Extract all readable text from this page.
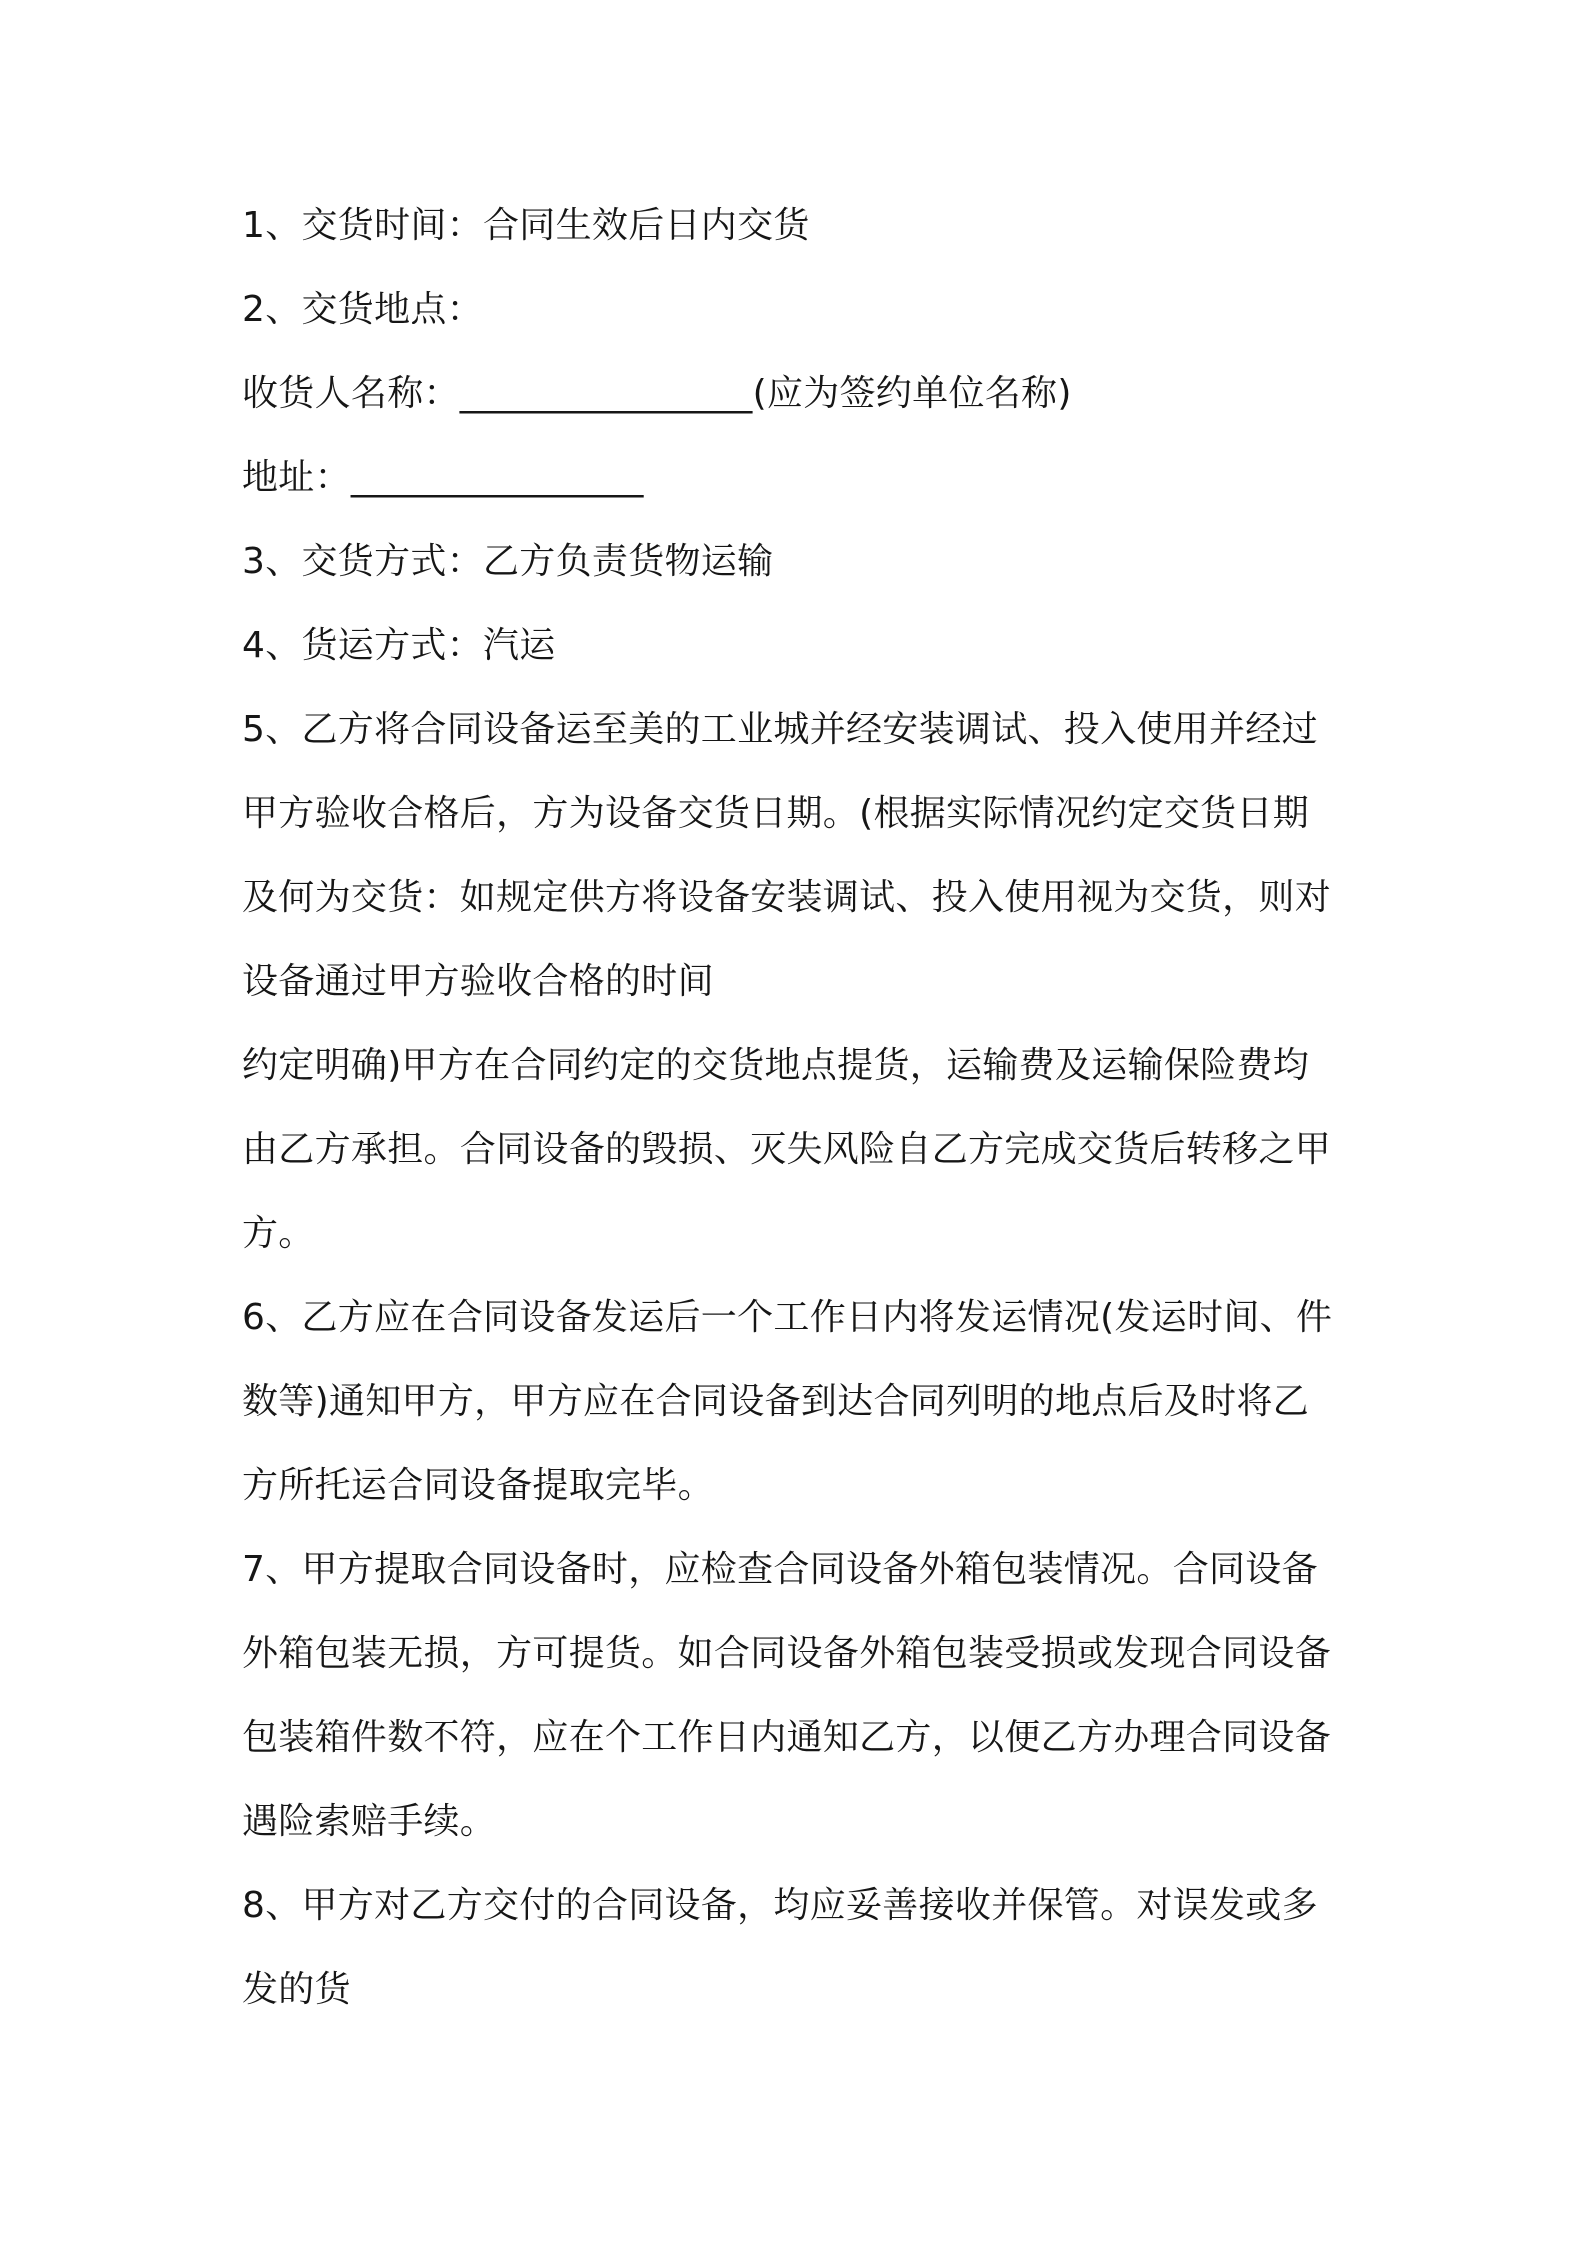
1、交货时间：合同生效后日内交货
2、交货地点：
收货人名称：________________(应为签约单位名称)
地址：________________
3、交货方式：乙方负责货物运输
4、货运方式：汽运
5、乙方将合同设备运至美的工业城并经安装调试、投入使用并经过
甲方验收合格后，方为设备交货日期。(根据实际情况约定交货日期
及何为交货：如规定供方将设备安装调试、投入使用视为交货，则对
设备通过甲方验收合格的时间
约定明确)甲方在合同约定的交货地点提货，运输费及运输保险费均
由乙方承担。合同设备的毁损、灭失风险自乙方完成交货后转移之甲
方。
6、乙方应在合同设备发运后一个工作日内将发运情况(发运时间、件
数等)通知甲方，甲方应在合同设备到达合同列明的地点后及时将乙
方所托运合同设备提取完毕。
7、甲方提取合同设备时，应检查合同设备外箱包装情况。合同设备
外箱包装无损，方可提货。如合同设备外箱包装受损或发现合同设备
包装箱件数不符，应在个工作日内通知乙方，以便乙方办理合同设备
遇险索赔手续。
8、甲方对乙方交付的合同设备，均应妥善接收并保管。对误发或多
发的货
